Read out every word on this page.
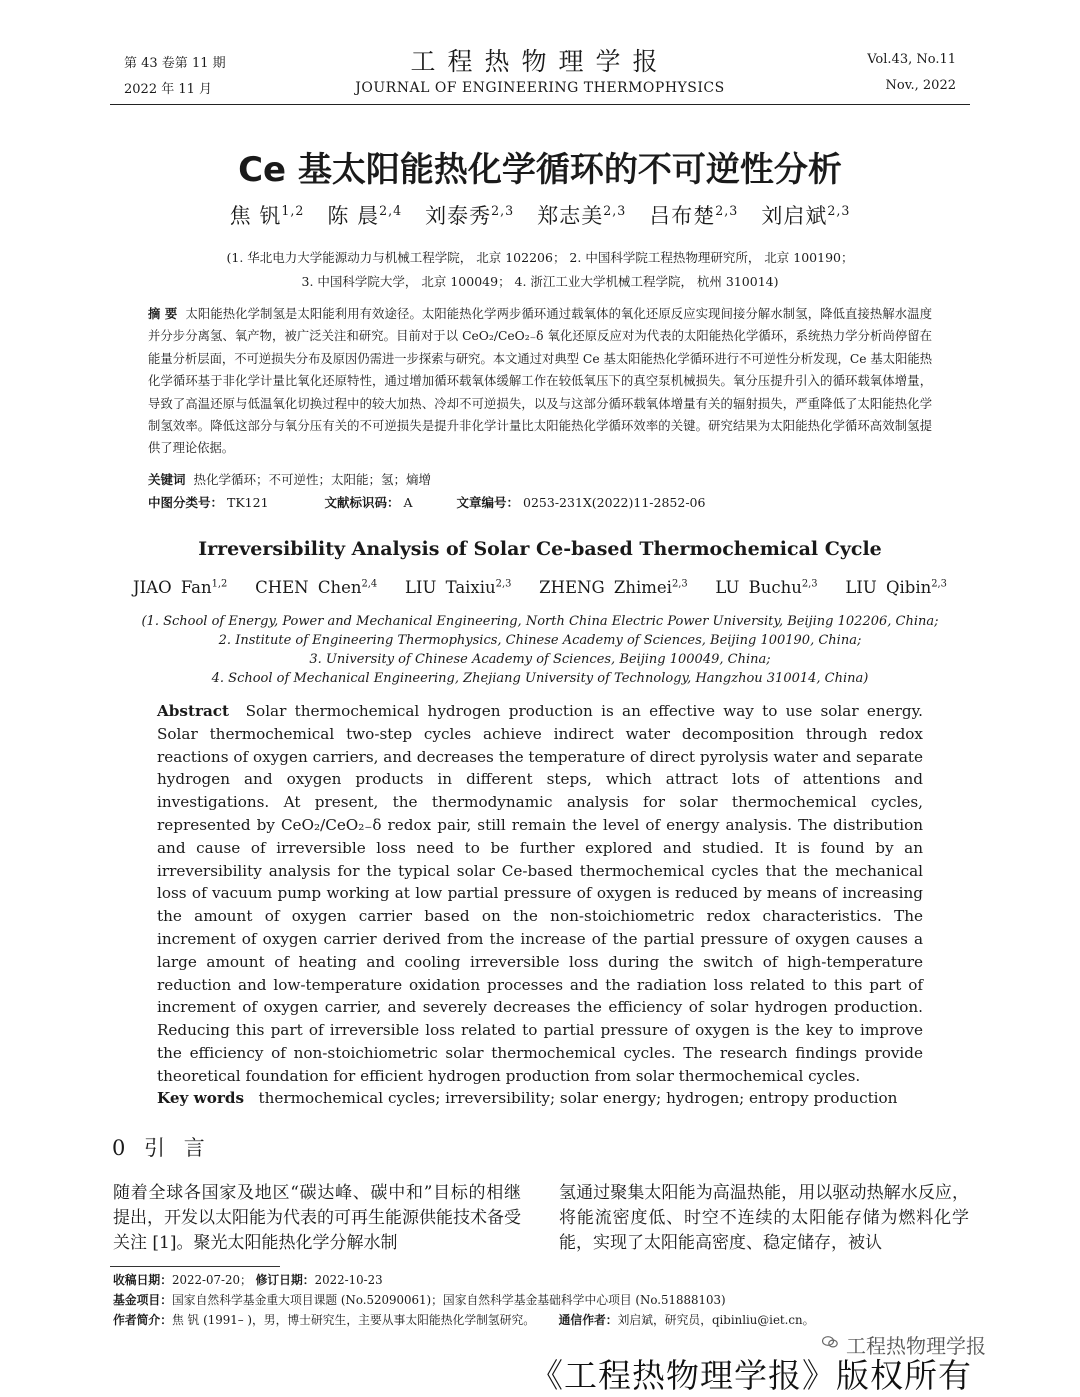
第 43 卷第 11 期
2022 年 11 月
工程热物理学报
JOURNAL OF ENGINEERING THERMOPHYSICS
Vol.43, No.11
Nov., 2022
Ce 基太阳能热化学循环的不可逆性分析
焦 钒$^{1,2}$ 陈 晨$^{2,4}$ 刘泰秀$^{2,3}$ 郑志美$^{2,3}$ 吕布楚$^{2,3}$ 刘启斌$^{2,3}$
(1. 华北电力大学能源动力与机械工程学院， 北京 102206； 2. 中国科学院工程热物理研究所， 北京 100190；
3. 中国科学院大学， 北京 100049； 4. 浙江工业大学机械工程学院， 杭州 310014)
摘 要 太阳能热化学制氢是太阳能利用有效途径。太阳能热化学两步循环通过载氧体的氧化还原反应实现间接分解水制氢，降低直接热解水温度并分步分离氢、氧产物，被广泛关注和研究。目前对于以 CeO₂/CeO₂₋δ 氧化还原反应对为代表的太阳能热化学循环，系统热力学分析尚停留在能量分析层面，不可逆损失分布及原因仍需进一步探索与研究。本文通过对典型 Ce 基太阳能热化学循环进行不可逆性分析发现，Ce 基太阳能热化学循环基于非化学计量比氧化还原特性，通过增加循环载氧体缓解工作在较低氧压下的真空泵机械损失。氧分压提升引入的循环载氧体增量，导致了高温还原与低温氧化切换过程中的较大加热、冷却不可逆损失，以及与这部分循环载氧体增量有关的辐射损失，严重降低了太阳能热化学制氢效率。降低这部分与氧分压有关的不可逆损失是提升非化学计量比太阳能热化学循环效率的关键。研究结果为太阳能热化学循环高效制氢提供了理论依据。
关键词 热化学循环；不可逆性；太阳能；氢；熵增
中图分类号： TK121	文献标识码： A	文章编号： 0253-231X(2022)11-2852-06
Irreversibility Analysis of Solar Ce-based Thermochemical Cycle
JIAO Fan$^{1,2}$ CHEN Chen$^{2,4}$ LIU Taixiu$^{2,3}$ ZHENG Zhimei$^{2,3}$ LU Buchu$^{2,3}$ LIU Qibin$^{2,3}$
(1. School of Energy, Power and Mechanical Engineering, North China Electric Power University, Beijing 102206, China;
2. Institute of Engineering Thermophysics, Chinese Academy of Sciences, Beijing 100190, China;
3. University of Chinese Academy of Sciences, Beijing 100049, China;
4. School of Mechanical Engineering, Zhejiang University of Technology, Hangzhou 310014, China)
Abstract Solar thermochemical hydrogen production is an effective way to use solar energy. Solar thermochemical two-step cycles achieve indirect water decomposition through redox reactions of oxygen carriers, and decreases the temperature of direct pyrolysis water and separate hydrogen and oxygen products in different steps, which attract lots of attentions and investigations. At present, the thermodynamic analysis for solar thermochemical cycles, represented by CeO₂/CeO₂₋δ redox pair, still remain the level of energy analysis. The distribution and cause of irreversible loss need to be further explored and studied. It is found by an irreversibility analysis for the typical solar Ce-based thermochemical cycles that the mechanical loss of vacuum pump working at low partial pressure of oxygen is reduced by means of increasing the amount of oxygen carrier based on the non-stoichiometric redox characteristics. The increment of oxygen carrier derived from the increase of the partial pressure of oxygen causes a large amount of heating and cooling irreversible loss during the switch of high-temperature reduction and low-temperature oxidation processes and the radiation loss related to this part of increment of oxygen carrier, and severely decreases the efficiency of solar hydrogen production. Reducing this part of irreversible loss related to partial pressure of oxygen is the key to improve the efficiency of non-stoichiometric solar thermochemical cycles. The research findings provide theoretical foundation for efficient hydrogen production from solar thermochemical cycles.
Key words thermochemical cycles; irreversibility; solar energy; hydrogen; entropy production
0 引 言
随着全球各国家及地区“碳达峰、碳中和”目标的相继提出，开发以太阳能为代表的可再生能源供能技术备受关注 [1]。聚光太阳能热化学分解水制
氢通过聚集太阳能为高温热能，用以驱动热解水反应，将能流密度低、时空不连续的太阳能存储为燃料化学能，实现了太阳能高密度、稳定储存，被认
收稿日期：2022-07-20； 修订日期：2022-10-23
基金项目：国家自然科学基金重大项目课题 (No.52090061)；国家自然科学基金基础科学中心项目 (No.51888103)
作者简介：焦 钒 (1991– )，男，博士研究生，主要从事太阳能热化学制氢研究。 通信作者：刘启斌，研究员，qibinliu@iet.cn。
工程热物理学报
《工程热物理学报》版权所有
